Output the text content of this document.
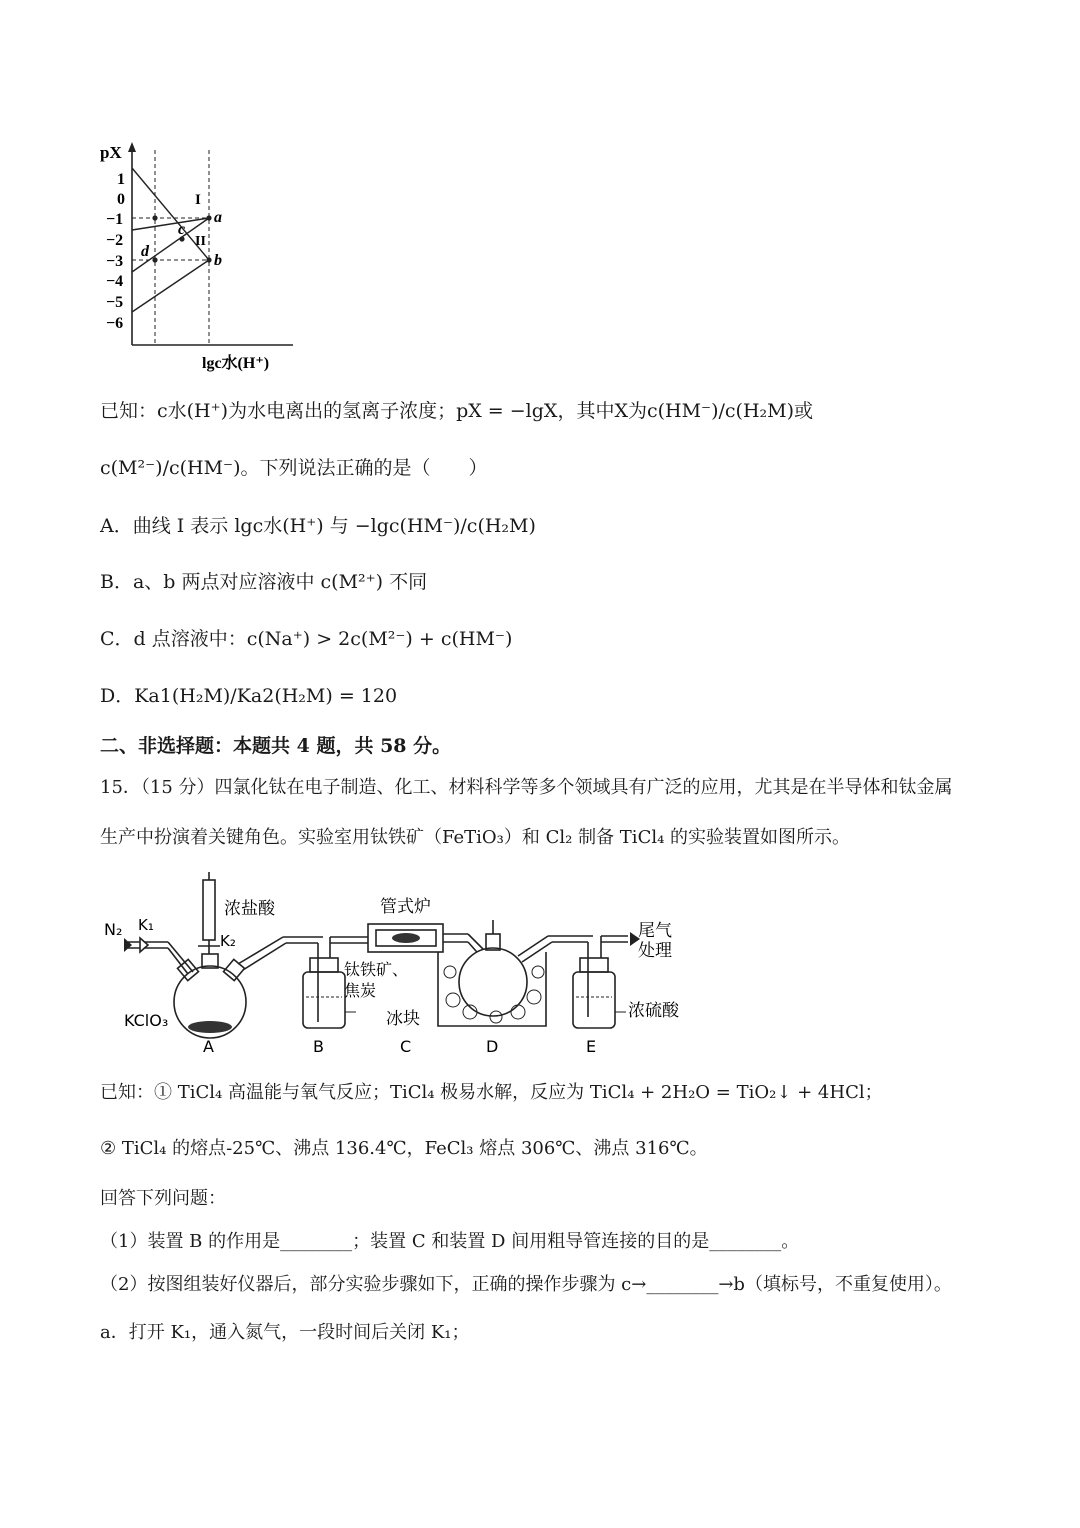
pX
1
0
−1
−2
−3
−4
−5
−6
I
II
a
b
c
d
lgc水(H⁺)
已知：c水(H⁺)为水电离出的氢离子浓度；pX = −lgX，其中X为c(HM⁻)/c(H₂M)或
c(M²⁻)/c(HM⁻)。下列说法正确的是（　　）
A．曲线 I 表示 lgc水(H⁺) 与 −lgc(HM⁻)/c(H₂M)
B．a、b 两点对应溶液中 c(M²⁺) 不同
C．d 点溶液中：c(Na⁺) > 2c(M²⁻) + c(HM⁻)
D．Ka1(H₂M)/Ka2(H₂M) = 120
二、非选择题：本题共 4 题，共 58 分。
15．（15 分）四氯化钛在电子制造、化工、材料科学等多个领域具有广泛的应用，尤其是在半导体和钛金属
生产中扮演着关键角色。实验室用钛铁矿（FeTiO₃）和 Cl₂ 制备 TiCl₄ 的实验装置如图所示。
N₂ K₁
K₂
浓盐酸
KClO₃
管式炉
钛铁矿、
焦炭
冰块
尾气
处理
浓硫酸
A	B	C	D	E
已知：① TiCl₄ 高温能与氧气反应；TiCl₄ 极易水解，反应为 TiCl₄ + 2H₂O = TiO₂↓ + 4HCl；
② TiCl₄ 的熔点-25℃、沸点 136.4℃，FeCl₃ 熔点 306℃、沸点 316℃。
回答下列问题：
（1）装置 B 的作用是________；装置 C 和装置 D 间用粗导管连接的目的是________。
（2）按图组装好仪器后，部分实验步骤如下，正确的操作步骤为 c→________→b（填标号，不重复使用）。
a．打开 K₁，通入氮气，一段时间后关闭 K₁；
